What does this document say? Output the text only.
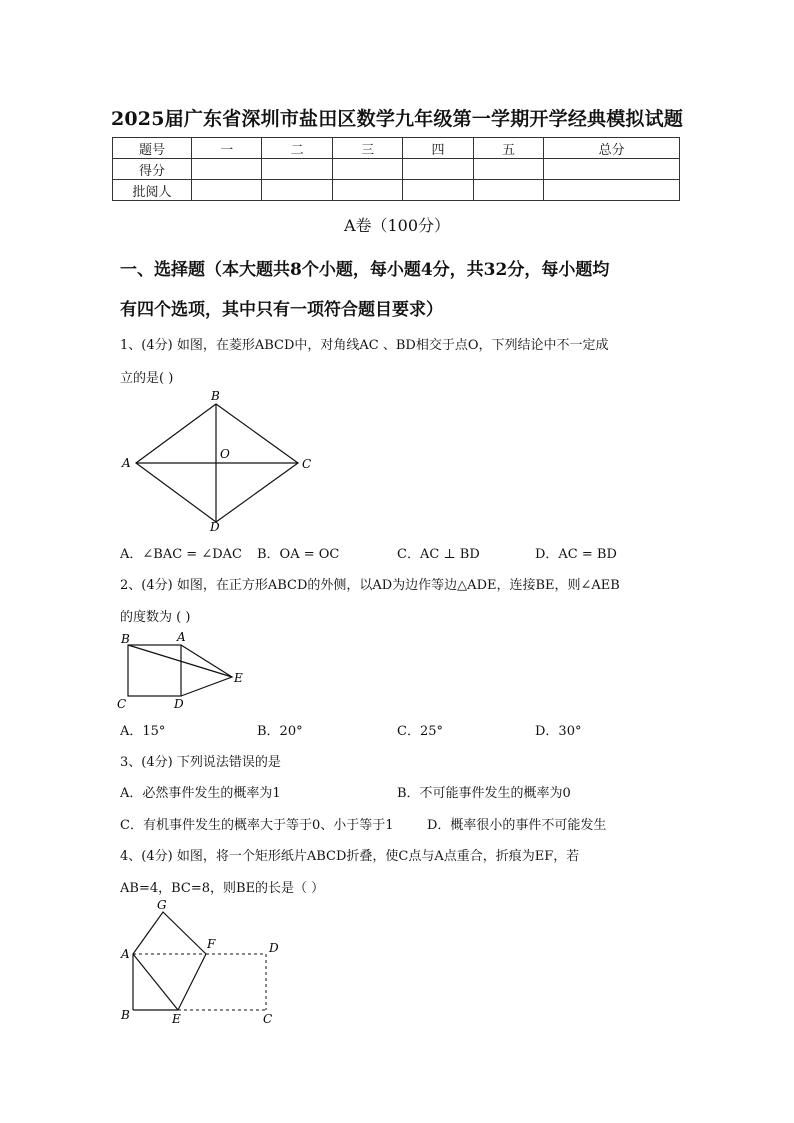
2025届广东省深圳市盐田区数学九年级第一学期开学经典模拟试题
题号	一	二	三	四	五	总分
得分						
批阅人						
A卷（100分）
一、选择题（本大题共8个小题，每小题4分，共32分，每小题均
有四个选项，其中只有一项符合题目要求）
1、(4分) 如图，在菱形ABCD中，对角线AC 、BD相交于点O，下列结论中不一定成
立的是( )
A
B
C
D
O
A．∠BAC = ∠DAC B．OA = OC	C．AC ⊥ BD	D．AC = BD
2、(4分) 如图，在正方形ABCD的外侧，以AD为边作等边△ADE，连接BE，则∠AEB
的度数为 ( )
B	A
C	D
E
A．15°	B．20°	C．25°	D．30°
3、(4分) 下列说法错误的是
A．必然事件发生的概率为1	B．不可能事件发生的概率为0
C．有机事件发生的概率大于等于0、小于等于1	D．概率很小的事件不可能发生
4、(4分) 如图，将一个矩形纸片ABCD折叠，使C点与A点重合，折痕为EF，若
AB=4，BC=8，则BE的长是（ ）
G
A
F	D
B	E	C
